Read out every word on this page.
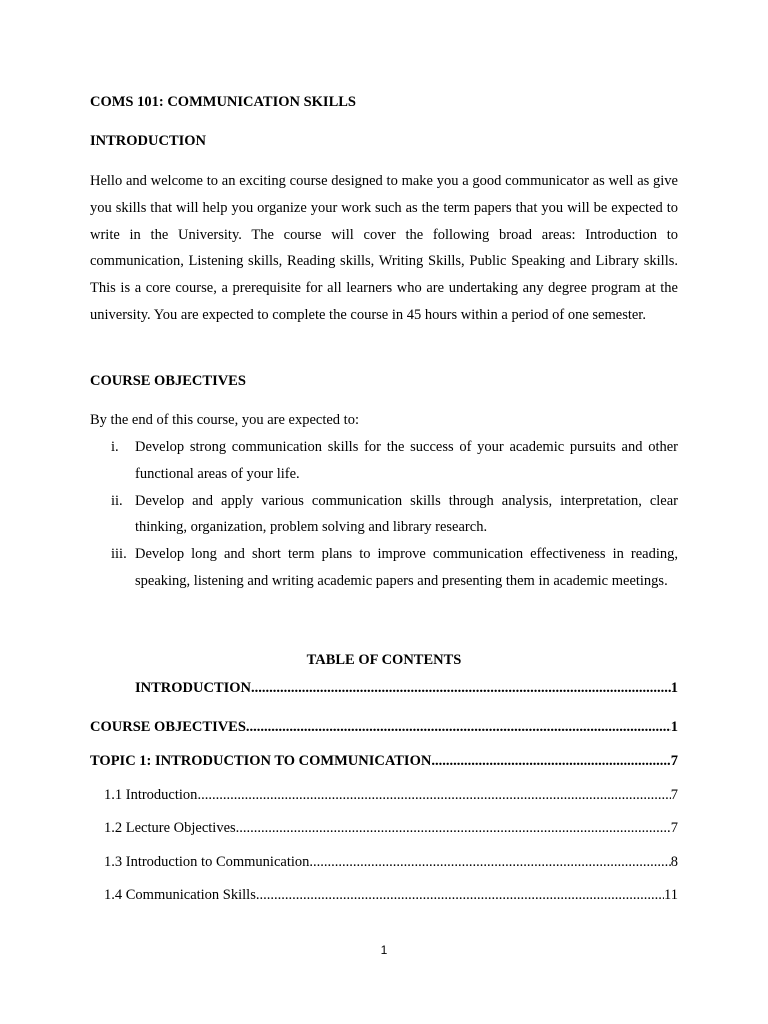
COMS 101: COMMUNICATION SKILLS
INTRODUCTION
Hello and welcome to an exciting course designed to make you a good communicator as well as give you skills that will help you organize your work such as the term papers that you will be expected to write in the University. The course will cover the following broad areas: Introduction to communication, Listening skills, Reading skills, Writing Skills, Public Speaking and Library skills. This is a core course, a prerequisite for all learners who are undertaking any degree program at the university. You are expected to complete the course in 45 hours within a period of one semester.
COURSE OBJECTIVES
By the end of this course, you are expected to:
i.	Develop strong communication skills for the success of your academic pursuits and other functional areas of your life.
ii. Develop and apply various communication skills through analysis, interpretation, clear thinking, organization, problem solving and library research.
iii. Develop long and short term plans to improve communication effectiveness in reading, speaking, listening and writing academic papers and presenting them in academic meetings.
TABLE OF CONTENTS
INTRODUCTION .....	1
COURSE OBJECTIVES .....	1
TOPIC 1: INTRODUCTION TO COMMUNICATION .....	7
1.1 Introduction .....	7
1.2 Lecture Objectives .....	7
1.3 Introduction to Communication .....	8
1.4 Communication Skills .....	11
1
